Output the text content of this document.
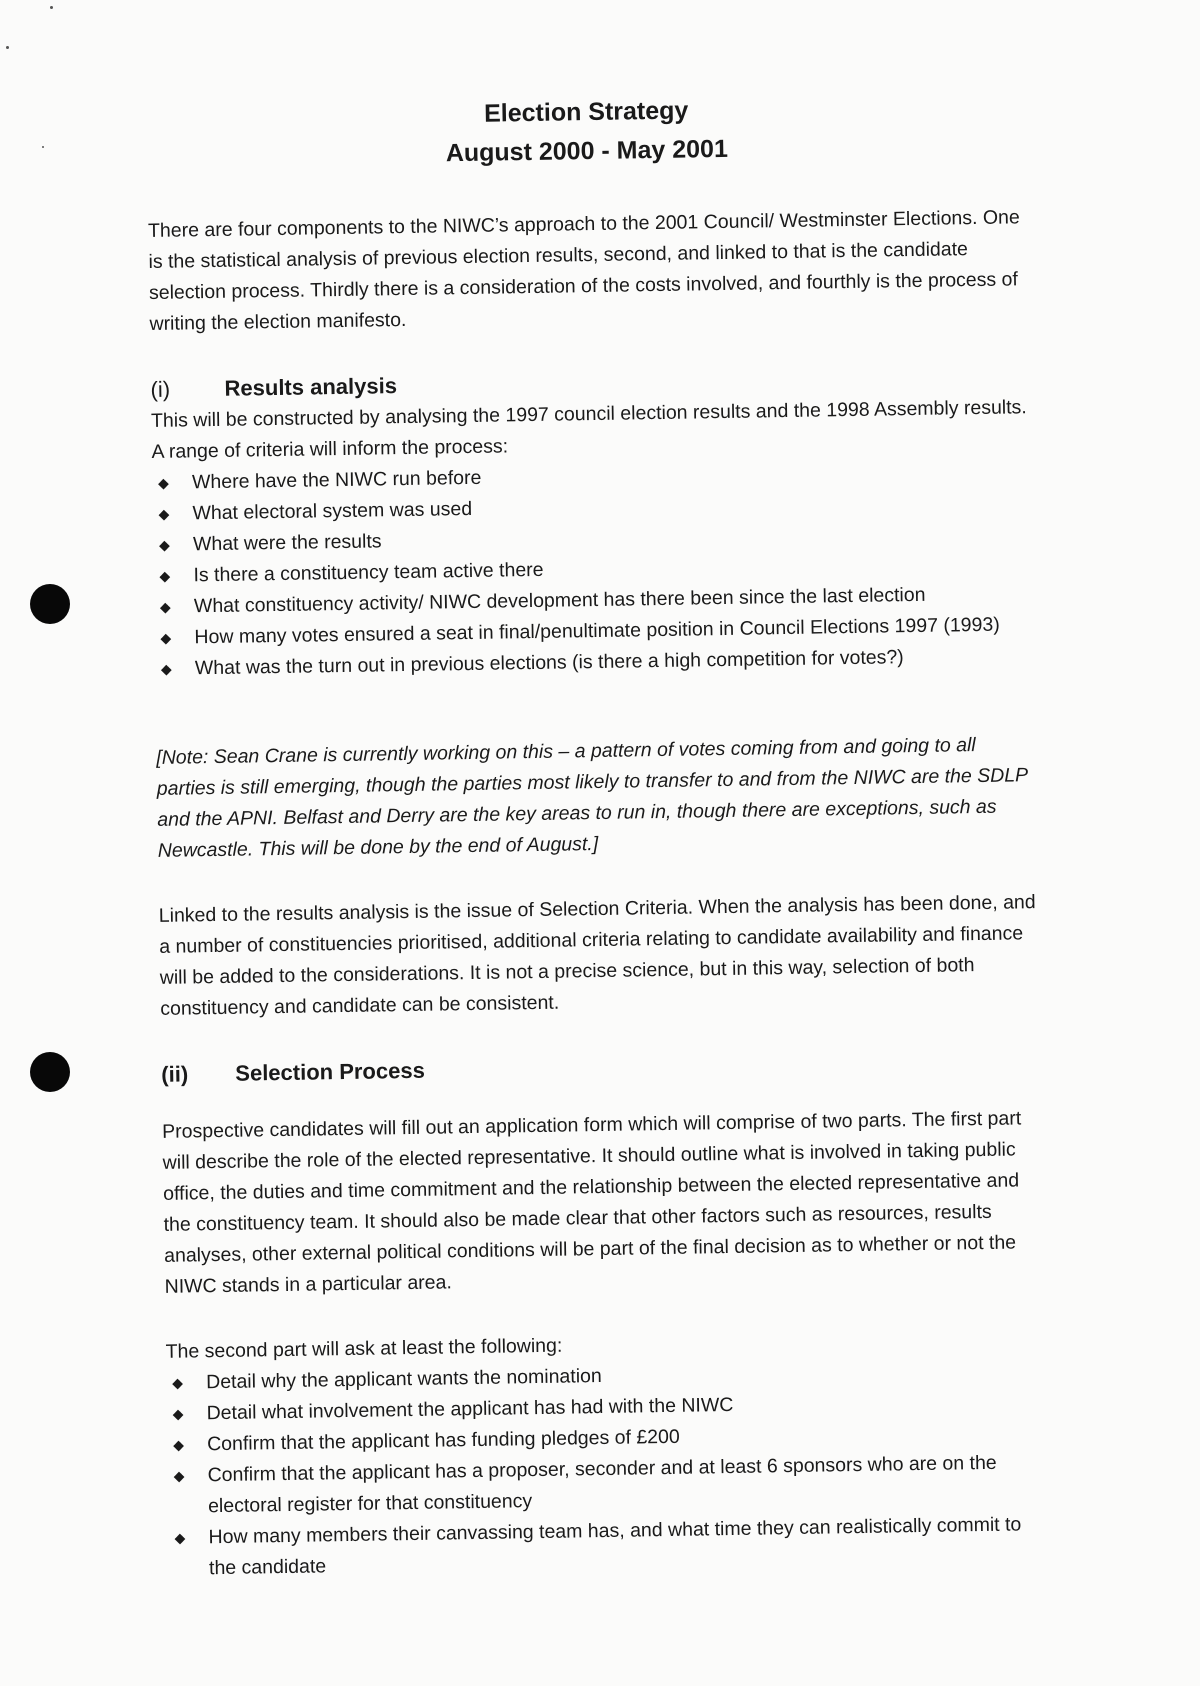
Election Strategy
August 2000 - May 2001

There are four components to the NIWC’s approach to the 2001 Council/ Westminster Elections. One is the statistical analysis of previous election results, second, and linked to that is the candidate selection process. Thirdly there is a consideration of the costs involved, and fourthly is the process of writing the election manifesto.

(i)	Results analysis

This will be constructed by analysing the 1997 council election results and the 1998 Assembly results. A range of criteria will inform the process:

◆ Where have the NIWC run before
◆ What electoral system was used
◆ What were the results
◆ Is there a constituency team active there
◆ What constituency activity/ NIWC development has there been since the last election
◆ How many votes ensured a seat in final/penultimate position in Council Elections 1997 (1993)
◆ What was the turn out in previous elections (is there a high competition for votes?)

[Note: Sean Crane is currently working on this – a pattern of votes coming from and going to all parties is still emerging, though the parties most likely to transfer to and from the NIWC are the SDLP and the APNI. Belfast and Derry are the key areas to run in, though there are exceptions, such as Newcastle. This will be done by the end of August.]

Linked to the results analysis is the issue of Selection Criteria. When the analysis has been done, and a number of constituencies prioritised, additional criteria relating to candidate availability and finance will be added to the considerations. It is not a precise science, but in this way, selection of both constituency and candidate can be consistent.

(ii)	Selection Process

Prospective candidates will fill out an application form which will comprise of two parts. The first part will describe the role of the elected representative. It should outline what is involved in taking public office, the duties and time commitment and the relationship between the elected representative and the constituency team. It should also be made clear that other factors such as resources, results analyses, other external political conditions will be part of the final decision as to whether or not the NIWC stands in a particular area.

The second part will ask at least the following:

◆ Detail why the applicant wants the nomination
◆ Detail what involvement the applicant has had with the NIWC
◆ Confirm that the applicant has funding pledges of £200
◆ Confirm that the applicant has a proposer, seconder and at least 6 sponsors who are on the electoral register for that constituency
◆ How many members their canvassing team has, and what time they can realistically commit to the candidate
